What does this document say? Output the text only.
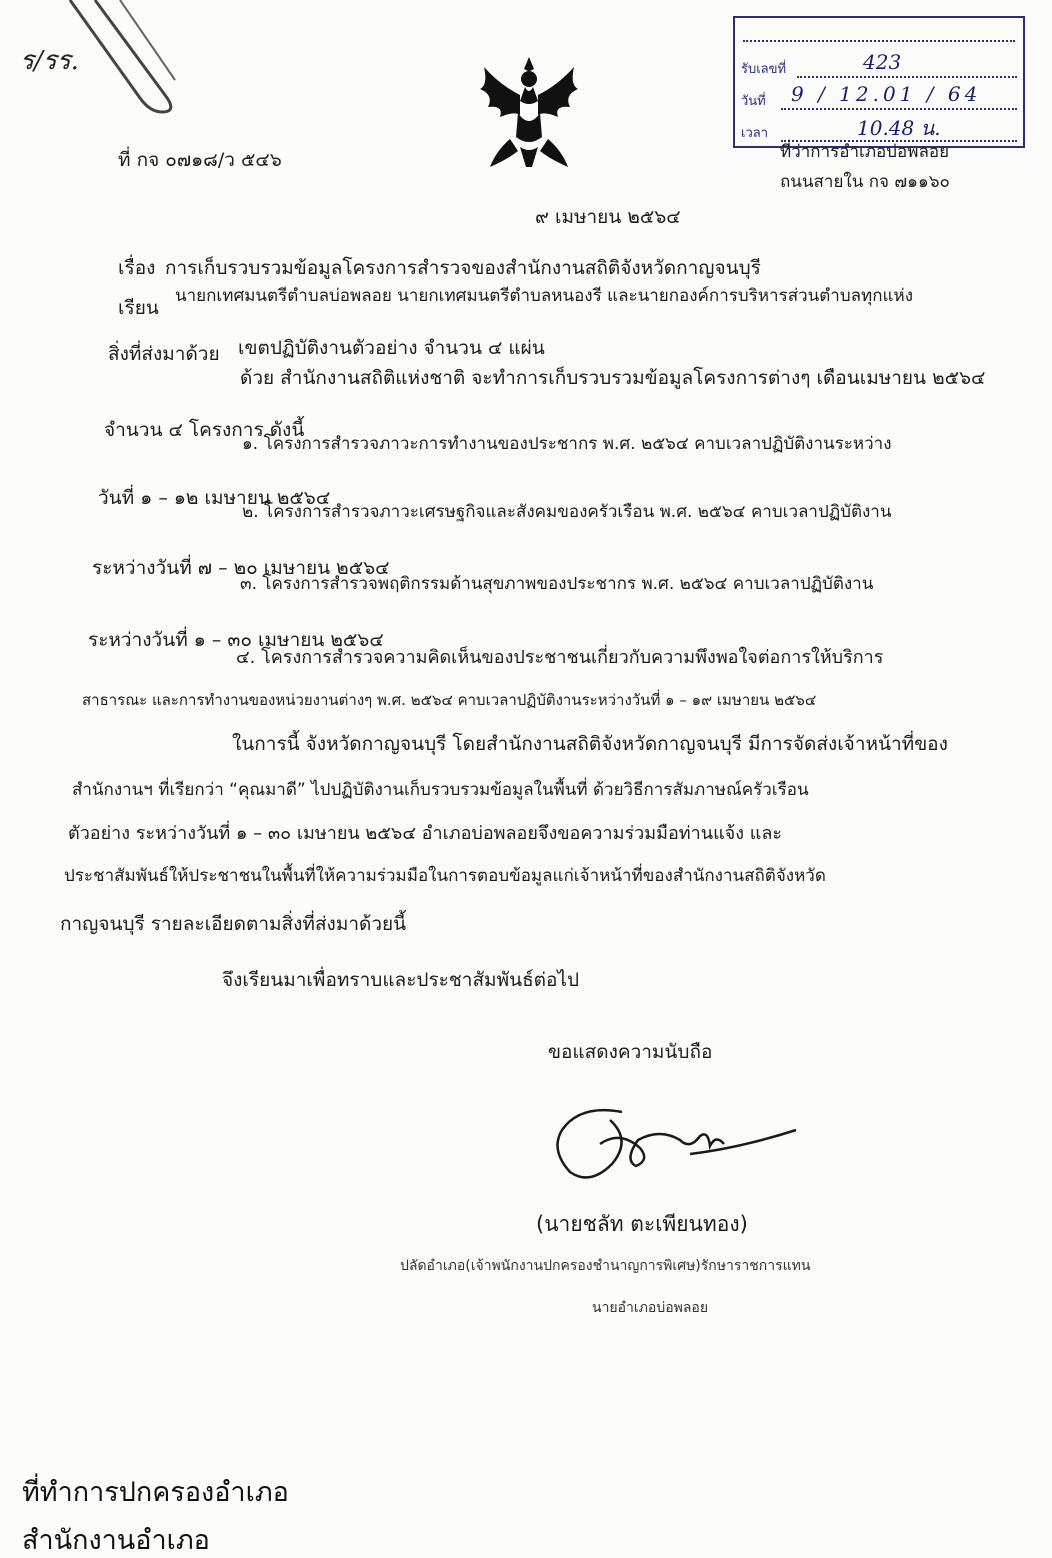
ร/รร.
ที่ กจ ๐๗๑๘/ว ๕๔๖
รับเลขที่	423
วันที่ 9 / 12.01 / 64
เวลา	10.48 น.
ที่ว่าการอำเภอบ่อพลอย
ถนนสายใน กจ ๗๑๑๖๐
๙ เมษายน ๒๕๖๔
เรื่อง การเก็บรวบรวมข้อมูลโครงการสำรวจของสำนักงานสถิติจังหวัดกาญจนบุรี
เรียน
นายกเทศมนตรีตำบลบ่อพลอย นายกเทศมนตรีตำบลหนองรี และนายกองค์การบริหารส่วนตำบลทุกแห่ง
สิ่งที่ส่งมาด้วย เขตปฏิบัติงานตัวอย่าง จำนวน ๔ แผ่น
ด้วย สำนักงานสถิติแห่งชาติ จะทำการเก็บรวบรวมข้อมูลโครงการต่างๆ เดือนเมษายน ๒๕๖๔
จำนวน ๔ โครงการ ดังนี้
๑. โครงการสำรวจภาวะการทำงานของประชากร พ.ศ. ๒๕๖๔ คาบเวลาปฏิบัติงานระหว่าง
วันที่ ๑ – ๑๒ เมษายน ๒๕๖๔
๒. โครงการสำรวจภาวะเศรษฐกิจและสังคมของครัวเรือน พ.ศ. ๒๕๖๔ คาบเวลาปฏิบัติงาน
ระหว่างวันที่ ๗ – ๒๐ เมษายน ๒๕๖๔
๓. โครงการสำรวจพฤติกรรมด้านสุขภาพของประชากร พ.ศ. ๒๕๖๔ คาบเวลาปฏิบัติงาน
ระหว่างวันที่ ๑ – ๓๐ เมษายน ๒๕๖๔
๔. โครงการสำรวจความคิดเห็นของประชาชนเกี่ยวกับความพึงพอใจต่อการให้บริการ
สาธารณะ และการทำงานของหน่วยงานต่างๆ พ.ศ. ๒๕๖๔ คาบเวลาปฏิบัติงานระหว่างวันที่ ๑ – ๑๙ เมษายน ๒๕๖๔
ในการนี้ จังหวัดกาญจนบุรี โดยสำนักงานสถิติจังหวัดกาญจนบุรี มีการจัดส่งเจ้าหน้าที่ของ
สำนักงานฯ ที่เรียกว่า “คุณมาดี” ไปปฏิบัติงานเก็บรวบรวมข้อมูลในพื้นที่ ด้วยวิธีการสัมภาษณ์ครัวเรือน
ตัวอย่าง ระหว่างวันที่ ๑ – ๓๐ เมษายน ๒๕๖๔ อำเภอบ่อพลอยจึงขอความร่วมมือท่านแจ้ง และ
ประชาสัมพันธ์ให้ประชาชนในพื้นที่ให้ความร่วมมือในการตอบข้อมูลแก่เจ้าหน้าที่ของสำนักงานสถิติจังหวัด
กาญจนบุรี รายละเอียดตามสิ่งที่ส่งมาด้วยนี้
จึงเรียนมาเพื่อทราบและประชาสัมพันธ์ต่อไป
ขอแสดงความนับถือ
(นายชลัท ตะเพียนทอง)
ปลัดอำเภอ(เจ้าพนักงานปกครองชำนาญการพิเศษ)รักษาราชการแทน
นายอำเภอบ่อพลอย
ที่ทำการปกครองอำเภอ
สำนักงานอำเภอ
